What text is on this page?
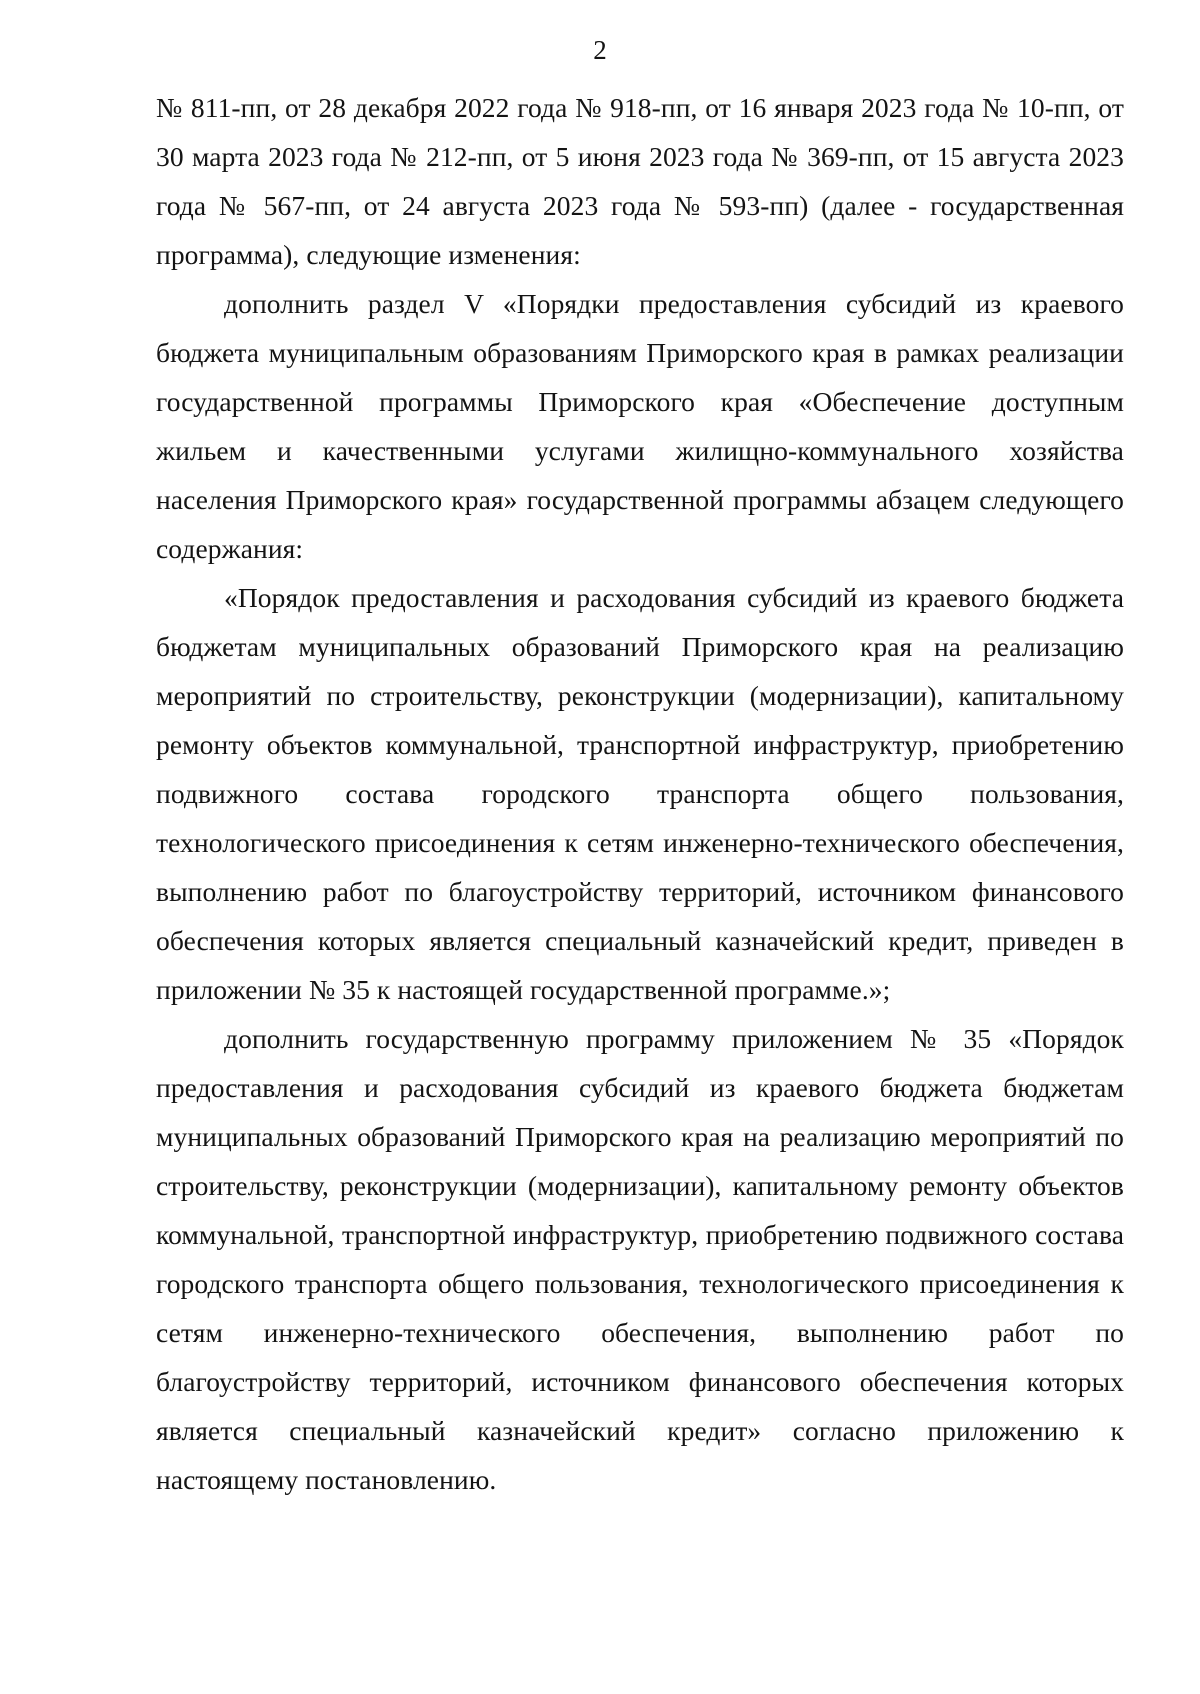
2

№ 811-пп, от 28 декабря 2022 года № 918-пп, от 16 января 2023 года № 10-пп, от 30 марта 2023 года № 212-пп, от 5 июня 2023 года № 369-пп, от 15 августа 2023 года № 567-пп, от 24 августа 2023 года № 593-пп) (далее - государственная программа), следующие изменения:

дополнить раздел V «Порядки предоставления субсидий из краевого бюджета муниципальным образованиям Приморского края в рамках реализации государственной программы Приморского края «Обеспечение доступным жильем и качественными услугами жилищно-коммунального хозяйства населения Приморского края» государственной программы абзацем следующего содержания:

«Порядок предоставления и расходования субсидий из краевого бюджета бюджетам муниципальных образований Приморского края на реализацию мероприятий по строительству, реконструкции (модернизации), капитальному ремонту объектов коммунальной, транспортной инфраструктур, приобретению подвижного состава городского транспорта общего пользования, технологического присоединения к сетям инженерно-технического обеспечения, выполнению работ по благоустройству территорий, источником финансового обеспечения которых является специальный казначейский кредит, приведен в приложении № 35 к настоящей государственной программе.»;

дополнить государственную программу приложением № 35 «Порядок предоставления и расходования субсидий из краевого бюджета бюджетам муниципальных образований Приморского края на реализацию мероприятий по строительству, реконструкции (модернизации), капитальному ремонту объектов коммунальной, транспортной инфраструктур, приобретению подвижного состава городского транспорта общего пользования, технологического присоединения к сетям инженерно-технического обеспечения, выполнению работ по благоустройству территорий, источником финансового обеспечения которых является специальный казначейский кредит» согласно приложению к настоящему постановлению.
